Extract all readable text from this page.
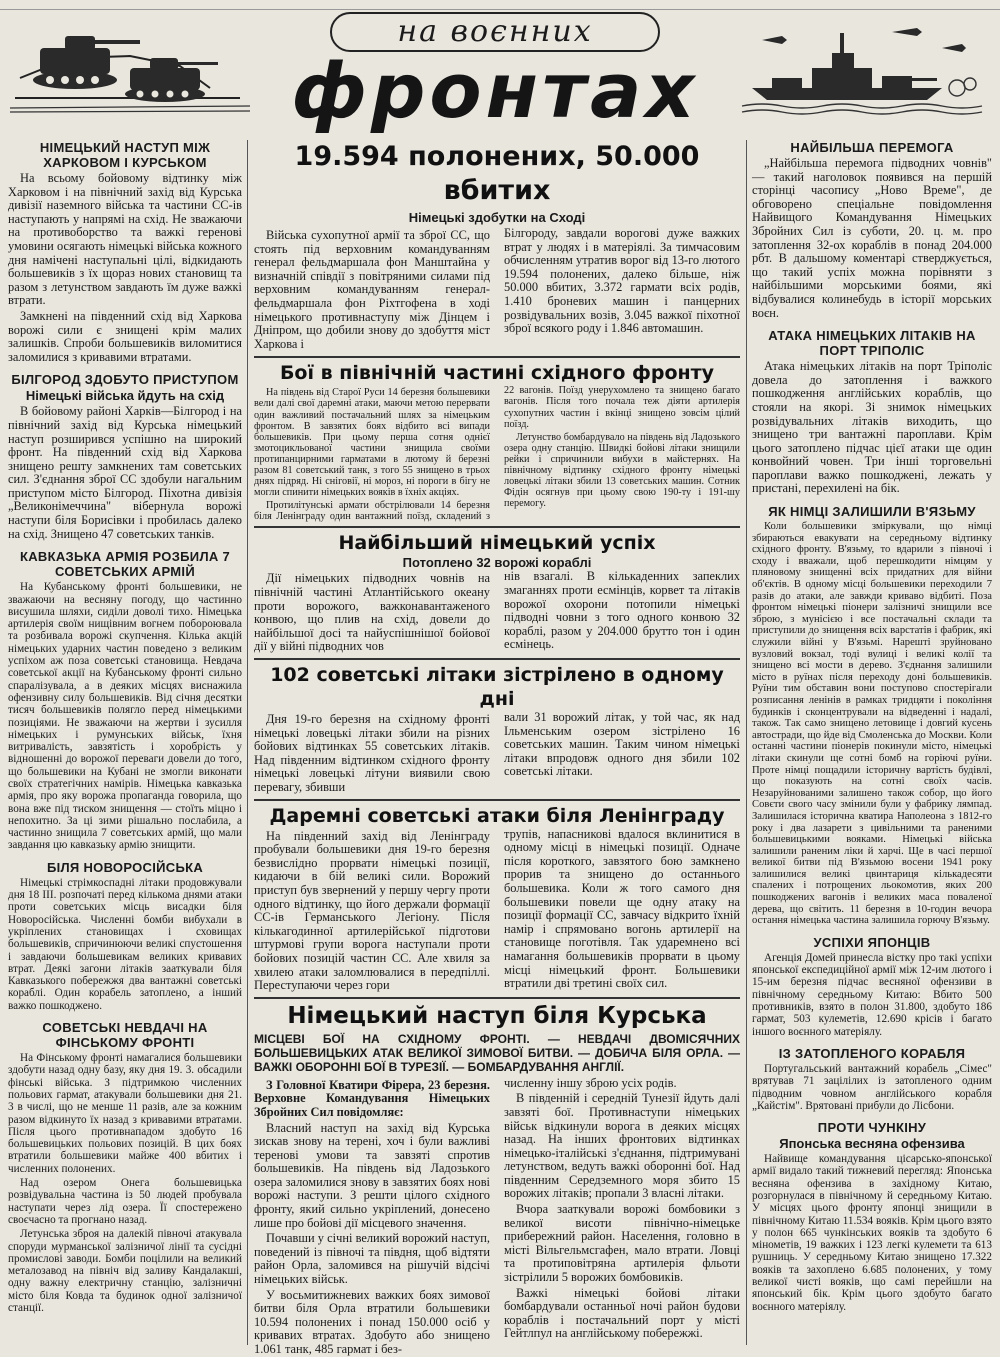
на воєнних
фронтах
НІМЕЦЬКИЙ НАСТУП МІЖ ХАРКОВОМ І КУРСЬКОМ

На всьому бойовому відтинку між Харковом і на північний захід від Курська дивізії наземного війська та частини СС-ів наступають у напрямі на схід. Не зважаючи на противоборство та важкі геренові умовини осягають німецькі війська кожного дня намічені наступальні цілі, відкидають большевиків з їх щораз нових становищ та разом з летунством завдають їм дуже важкі втрати.

Замкнені на південний схід від Харкова ворожі сили є знищені крім малих залишків. Спроби большевиків виломитися заломилися з кривавими втратами.

БІЛГОРОД ЗДОБУТО ПРИСТУПОМ
Німецькі війська йдуть на схід

В бойовому районі Харків—Білгород і на північний захід від Курська німецький наступ розширився успішно на широкий фронт. На південний схід від Харкова знищено решту замкнених там советських сил. З'єднання зброї СС здобули нагальним приступом місто Білгород. Піхотна дивізія „Великонімеччина" вібернула ворожі наступи біля Борисівки і пробилась далеко на схід. Знищено 47 советських танків.

КАВКАЗЬКА АРМІЯ РОЗБИЛА 7 СОВЕТСЬКИХ АРМІЙ

На Кубанському фронті большевики, не зважаючи на весняну погоду, що частинно висушила шляхи, сиділи доволі тихо. Німецька артилерія своїм нищівним вогнем побороювала та розбивала ворожі скупчення. Кілька акцій німецьких ударних частин поведено з великим успіхом аж поза советські становища. Невдача советської акції на Кубанському фронті сильно спаралізувала, а в деяких місцях виснажила офензивну силу большевиків. Від січня десятки тисяч большевиків полягло перед німецькими позиціями. Не зважаючи на жертви і зусилля німецьких і румунських військ, їхня витривалість, завзятість і хоробрість у відношенні до ворожої переваги довели до того, що большевики на Кубані не змогли виконати своїх стратегічних намірів. Німецька кавказька армія, про яку ворожа пропаганда говорила, що вона вже під тиском знищення — стоїть міцно і непохитно. За ці зими рішально послабила, а частинно знищила 7 советських армій, що мали завдання цю кавказьку армію знищити.

БІЛЯ НОВОРОСІЙСЬКА

Німецькі стрімкоспадні літаки продовжували дня 18 III. розпочаті перед кількома днями атаки проти советських місць висадки біля Новоросійська. Численні бомби вибухали в укріплених становищах і сховищах большевиків, спричинюючи великі спустошення і завдаючи большевикам великих кривавих втрат. Деякі загони літаків зааткували біля Кавказького побережжя два вантажні советські кораблі. Один корабель затоплено, а інший важко пошкоджено.

СОВЕТСЬКІ НЕВДАЧІ НА ФІНСЬКОМУ ФРОНТІ

На Фінському фронті намагалися большевики здобути назад одну базу, яку дня 19. 3. обсадили фінські війська. З підтримкою численних польових гармат, атакували большевики дня 21. 3 в числі, що не менше 11 разів, але за кожним разом відкинуто їх назад з кривавими втратами. Після цього противнападом здобуто 16 большевицьких польових позицій. В цих боях втратили большевики майже 400 вбитих і численних полонених.

Над озером Онега большевицька розвідувальна частина із 50 людей пробувала наступати через лід озера. Її спостережено своєчасно та прогнано назад.

Летунська зброя на далекій півночі атакувала споруди мурманської залізничої лінії та сусідні промислові заводи. Бомби поцілили на великий металозавод на північ від заливу Кандалакші, одну важну електричну станцію, залізничні місто біля Ковда та будинок одної залізничої станції.

19.594 полонених, 50.000 вбитих
Німецькі здобутки на Сході

Війська сухопутної армії та зброї СС, що стоять під верховним командуванням генерал фельдмаршала фон Манштайна у визначній співдії з повітряними силами під верховним командуванням генерал-фельдмаршала фон Ріхтгофена в ході німецького противнаступу між Дінцем і Дніпром, що добили знову до здобуття міст Харкова і

Білгороду, завдали ворогові дуже важких втрат у людях і в матеріялі. За тимчасовим обчисленням утратив ворог від 13-го лютого 19.594 полонених, далеко більше, ніж 50.000 вбитих, 3.372 гармати всіх родів, 1.410 броневих машин і панцерних розвідувальних возів, 3.045 важкої піхотної зброї всякого роду і 1.846 автомашин.

Бої в північній частині східного фронту

На південь від Старої Руси 14 березня большевики вели далі свої даремні атаки, маючи метою перервати один важливий постачальний шлях за німецьким фронтом. В завзятих боях відбито всі випади большевиків. При цьому перша сотня однієї змотоцикльованої частини знищила своїми протипанцирними гарматами в лютому й березні разом 81 советський танк, з того 55 знищено в трьох днях підряд. Ні сніговії, ні мороз, ні пороги в бігу не могли спинити німецьких вояків в їхніх акціях.

Протилітунські армати обстрілювали 14 березня біля Ленінграду один вантажний поїзд, складений з 22 вагонів. Поїзд унерухомлено та знищено багато вагонів. Після того почала теж діяти артилерія сухопутних частин і вкінці знищено зовсім цілий поїзд.

Летунство бомбардувало на південь від Ладозького озера одну станцію. Швидкі бойові літаки знищили рейки і спричинили вибухи в майстернях. На північному відтинку східного фронту німецькі ловецькі літаки збили 13 советських машин. Сотник Фідін осягнув при цьому свою 190-ту і 191-шу перемогу.

Найбільший німецький успіх
Потоплено 32 ворожі кораблі

Дії німецьких підводних човнів на північній частині Атлантійського океану проти ворожого, важконавантаженого конвою, що плив на схід, довели до найбільшої досі та найуспішнішої бойової дії у війні підводних чов

нів взагалі. В кількаденних запеклих змаганнях проти есмінців, корвет та літаків ворожої охорони потопили німецькі підводні човни з того одного конвою 32 кораблі, разом у 204.000 брутто тон і один есмінець.

102 советські літаки зістрілено в одному дні

Дня 19-го березня на східному фронті німецькі ловецькі літаки збили на різних бойових відтинках 55 советських літаків. Над південним відтинком східного фронту німецькі ловецькі літуни виявили свою перевагу, збивши

вали 31 ворожий літак, у той час, як над Ільменським озером зістрілено 16 советських машин. Таким чином німецькі літаки впродовж одного дня збили 102 советські літаки.

Даремні советські атаки біля Ленінграду

На південний захід від Ленінграду пробували большевики дня 19-го березня безвислідно прорвати німецькі позиції, кидаючи в бій великі сили. Ворожий приступ був звернений у першу чергу проти одного відтинку, що його держали формації СС-ів Германського Легіону. Після кількагодинної артилерійської підготови штурмові групи ворога наступали проти бойових позицій частин СС. Але хвиля за хвилею атаки заломлювалися в передпіллі. Переступаючи через гори

трупів, напасникові вдалося вклинитися в одному місці в німецькі позиції. Одначе після короткого, завзятого бою замкнено прорив та знищено до останнього большевика. Коли ж того самого дня большевики повели ще одну атаку на позиції формації СС, завчасу відкрито їхній намір і спрямовано вогонь артилерії на становище поготівля. Так ударемнено всі намагання большевиків прорвати в цьому місці німецький фронт. Большевики втратили дві третині своїх сил.

Німецький наступ біля Курська
МІСЦЕВІ БОЇ НА СХІДНОМУ ФРОНТІ. — НЕВДАЧІ ДВОМІСЯЧНИХ БОЛЬШЕВИЦЬКИХ АТАК ВЕЛИКОЇ ЗИМОВОЇ БИТВИ. — ДОБИЧА БІЛЯ ОРЛА. — ВАЖКІ ОБОРОННІ БОЇ В ТУРЕЗІЇ. — БОМБАРДУВАННЯ АНГЛІЇ.

З Головної Кватири Фірера, 23 березня. Верховне Командування Німецьких Збройних Сил повідомляє:

Власний наступ на захід від Курська зискав знову на терені, хоч і були важливі теренові умови та завзяті спротив большевиків. На південь від Ладозького озера заломилися знову в завзятих боях нові ворожі наступи. З решти цілого східного фронту, який сильно укріплений, донесено лише про бойові дії місцевого значення.

Почавши у січні великий ворожий наступ, поведений із півночі та півдня, щоб відтяти район Орла, заломився на рішучій відсічі німецьких військ.

У восьмитижневих важких боях зимової битви біля Орла втратили большевики 10.594 полонених і понад 150.000 осіб у кривавих втратах. Здобуто або знищено 1.061 танк, 485 гармат і без-

численну іншу зброю усіх родів.

В південній і середній Тунезії йдуть далі завзяті бої. Противнаступи німецьких військ відкинули ворога в деяких місцях назад. На інших фронтових відтинках німецько-італійські з'єднання, підтримувані летунством, ведуть важкі оборонні бої. Над південним Середземного моря збито 15 ворожих літаків; пропали 3 власні літаки.

Вчора зааткували ворожі бомбовики з великої висоти північно-німецьке прибережний район. Населення, головно в місті Вільгельмсгафен, мало втрати. Ловці та протиповітряна артилерія фльоти зістрілили 5 ворожих бомбовиків.

Важкі німецькі бойові літаки бомбардували останньої ночі район будови кораблів і постачальний порт у місті Гейтлпул на англійському побережжі.

НАЙБІЛЬША ПЕРЕМОГА

„Найбільша перемога підводних човнів" — такий наголовок появився на першій сторінці часопису „Ново Време", де обговорено спеціальне повідомлення Найвищого Командування Німецьких Збройних Сил із суботи, 20. ц. м. про затоплення 32-ох кораблів в понад 204.000 рбт. В дальшому коментарі стверджується, що такий успіх можна порівняти з найбільшими морськими боями, які відбувалися колинебудь в історії морських воєн.

АТАКА НІМЕЦЬКИХ ЛІТАКІВ НА ПОРТ ТРІПОЛІС

Атака німецьких літаків на порт Тріполіс довела до затоплення і важкого пошкодження англійських кораблів, що стояли на якорі. Зі знимок німецьких розвідувальних літаків виходить, що знищено три вантажні пароплави. Крім цього затоплено підчас цієї атаки ще один конвойний човен. Три інші торговельні пароплави важко пошкоджені, лежать у пристані, перехилені на бік.

ЯК НІМЦІ ЗАЛИШИЛИ В'ЯЗЬМУ

Коли большевики зміркували, що німці збираються евакувати на середньому відтинку східного фронту. В'язьму, то вдарили з півночі і сходу і вважали, щоб перешкодити німцям у пляновому знищенні всіх придатних для війни об'єктів. В одному місці большевики переходили 7 разів до атаки, але завжди криваво відбиті. Поза фронтом німецькі піонери залізничі знищили все зброю, з мунісією і все постачальні склади та приступили до знищення всіх варстатів і фабрик, які служили війні у В'язьмі. Нарешті зруйновано вузловий вокзал, тоді вулиці і великі колії та знищено всі мости в дерево. З'єднання залишили місто в руїнах після переходу доні большевиків. Руїни тим обставин вони поступово спостерігали розписання ленінів в рамках тридцяти і покоління будинків і сконцентрували на відведенні і надалі, також. Так само знищено летовище і довгий кусень автостради, що йде від Смоленська до Москви. Коли останні частини піонерів покинули місто, німецькі літаки скинули ще сотні бомб на горіючі руїни. Проте німці пощадили історичну вартість будівлі, що показують на сотні своїх часів. Незаруйнованими залишено також собор, що його Совєти свого часу змінили були у фабрику лямпад. Залишилася історична кватира Наполеона з 1812-го року і два лазарети з цивільними та раненими большевицькими вояками. Німецькі війська залишили раненим ліки й харчі. Ще в часі першої великої битви під В'язьмою восени 1941 року залишилися великі цвинтариця кількадесяти спалених і потрощених льокомотив, яких 200 пошкоджених вагонів і великих маса поваленої дерева, що світить. 11 березня в 10-годин вечора остання німецька частина залишила горючу В'язьму.

УСПІХИ ЯПОНЦІВ

Агенція Домей принесла вістку про такі успіхи японської експедиційної армії між 12-им лютого і 15-им березня підчас весняної офензиви в північному середньому Китаю: Вбито 500 противників, взято в полон 31.800, здобуто 186 гармат, 503 кулеметів, 12.690 крісів і багато іншого воєнного матеріялу.

ІЗ ЗАТОПЛЕНОГО КОРАБЛЯ

Португальський вантажний корабель „Сімес" врятував 71 зацілілих із затопленого одним підводним човном англійського корабля „Кайстім". Врятовані прибули до Лісбони.

ПРОТИ ЧУНКІНУ
Японська весняна офензива

Найвище командування цісарсько-японської армії видало такий тижневий перегляд: Японська весняна офензива в західному Китаю, розгорнулася в північному й середньому Китаю. У місцях цього фронту японці знищили в північному Китаю 11.534 вояків. Крім цього взято у полон 665 чункінських вояків та здобуто 6 мінометів, 19 важких і 123 легкі кулемети та 613 рушниць. У середньому Китаю знищено 17.322 вояків та захоплено 6.685 полонених, у тому великої чисті вояків, що самі перейшли на японський бік. Крім цього здобуто багато воєнного матеріялу.
